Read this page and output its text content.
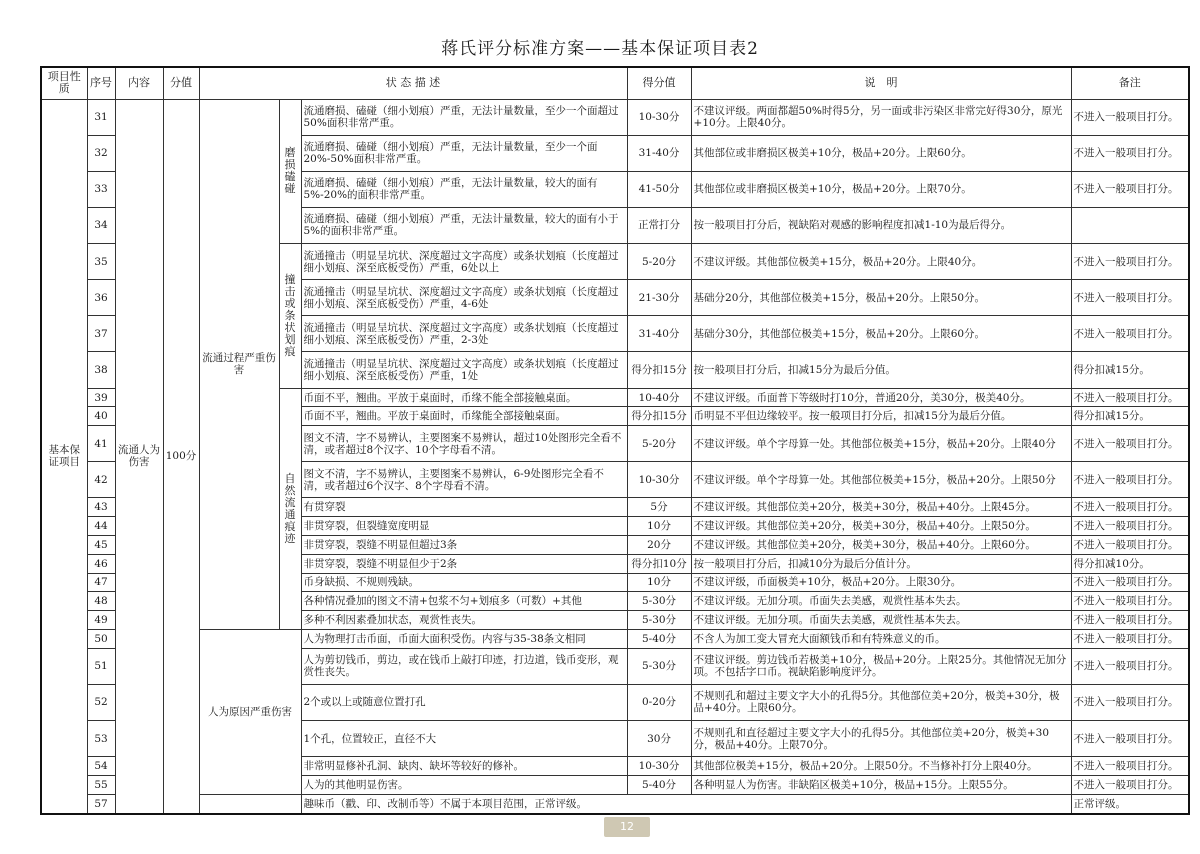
蒋氏评分标准方案——基本保证项目表2
项目性质	序号	内容	分值	状 态 描 述			得分值	说　明	备注
基本保证项目	31	流通人为伤害	100分	流通过程严重伤害	磨损磕碰	流通磨损、磕碰（细小划痕）严重，无法计量数量，至少一个面超过50%面积非常严重。	10-30分	不建议评级。两面都超50%时得5分，另一面或非污染区非常完好得30分，原光+10分。上限40分。	不进入一般项目打分。
	32					流通磨损、磕碰（细小划痕）严重，无法计量数量，至少一个面20%-50%面积非常严重。	31-40分	其他部位或非磨损区极美+10分，极品+20分。上限60分。	不进入一般项目打分。
	33					流通磨损、磕碰（细小划痕）严重，无法计量数量，较大的面有5%-20%的面积非常严重。	41-50分	其他部位或非磨损区极美+10分，极品+20分。上限70分。	不进入一般项目打分。
	34					流通磨损、磕碰（细小划痕）严重，无法计量数量，较大的面有小于5%的面积非常严重。	正常打分	按一般项目打分后，视缺陷对观感的影响程度扣减1-10为最后得分。	
	35				撞击或条状划痕	流通撞击（明显呈坑状、深度超过文字高度）或条状划痕（长度超过细小划痕、深至底板受伤）严重，6处以上	5-20分	不建议评级。其他部位极美+15分，极品+20分。上限40分。	不进入一般项目打分。
	36					流通撞击（明显呈坑状、深度超过文字高度）或条状划痕（长度超过细小划痕、深至底板受伤）严重，4-6处	21-30分	基础分20分，其他部位极美+15分，极品+20分。上限50分。	不进入一般项目打分。
	37					流通撞击（明显呈坑状、深度超过文字高度）或条状划痕（长度超过细小划痕、深至底板受伤）严重，2-3处	31-40分	基础分30分，其他部位极美+15分，极品+20分。上限60分。	不进入一般项目打分。
	38					流通撞击（明显呈坑状、深度超过文字高度）或条状划痕（长度超过细小划痕、深至底板受伤）严重，1处	得分扣15分	按一般项目打分后，扣减15分为最后分值。	得分扣减15分。
	39				自然流通痕迹	币面不平，翘曲。平放于桌面时，币缘不能全部接触桌面。	10-40分	不建议评级。币面普下等级时打10分，普通20分，美30分，极美40分。	不进入一般项目打分。
	40					币面不平，翘曲。平放于桌面时，币缘能全部接触桌面。	得分扣15分	币明显不平但边缘较平。按一般项目打分后，扣减15分为最后分值。	得分扣减15分。
	41					图文不清，字不易辨认，主要图案不易辨认，超过10处图形完全看不清，或者超过8个汉字、10个字母看不清。	5-20分	不建议评级。单个字母算一处。其他部位极美+15分，极品+20分。上限40分	不进入一般项目打分。
	42					图文不清，字不易辨认，主要图案不易辨认，6-9处图形完全看不清，或者超过6个汉字、8个字母看不清。	10-30分	不建议评级。单个字母算一处。其他部位极美+15分，极品+20分。上限50分	不进入一般项目打分。
	43					有贯穿裂	5分	不建议评级。其他部位美+20分，极美+30分，极品+40分。上限45分。	不进入一般项目打分。
	44					非贯穿裂，但裂缝宽度明显	10分	不建议评级。其他部位美+20分，极美+30分，极品+40分。上限50分。	不进入一般项目打分。
	45					非贯穿裂，裂缝不明显但超过3条	20分	不建议评级。其他部位美+20分，极美+30分，极品+40分。上限60分。	不进入一般项目打分。
	46					非贯穿裂，裂缝不明显但少于2条	得分扣10分	按一般项目打分后，扣减10分为最后分值计分。	得分扣减10分。
	47					币身缺损、不规则残缺。	10分	不建议评级，币面极美+10分，极品+20分。上限30分。	不进入一般项目打分。
	48					各种情况叠加的图文不清+包浆不匀+划痕多（可数）+其他	5-30分	不建议评级。无加分项。币面失去美感，观赏性基本失去。	不进入一般项目打分。
	49					多种不利因素叠加状态，观赏性丧失。	5-30分	不建议评级。无加分项。币面失去美感，观赏性基本失去。	不进入一般项目打分。
	50			人为原因严重伤害		人为物理打击币面，币面大面积受伤。内容与35-38条文相同	5-40分	不含人为加工变大冒充大面额钱币和有特殊意义的币。	不进入一般项目打分。
	51					人为剪切钱币，剪边，或在钱币上敲打印迹，打边道，钱币变形，观赏性丧失。	5-30分	不建议评级。剪边钱币若极美+10分，极品+20分。上限25分。其他情况无加分项。不包括字口币。视缺陷影响度评分。	不进入一般项目打分。
	52					2个或以上或随意位置打孔	0-20分	不规则孔和超过主要文字大小的孔得5分。其他部位美+20分，极美+30分，极品+40分。上限60分。	不进入一般项目打分。
	53					1个孔，位置较正，直径不大	30分	不规则孔和直径超过主要文字大小的孔得5分。其他部位美+20分，极美+30分，极品+40分。上限70分。	不进入一般项目打分。
	54					非常明显修补孔洞、缺肉、缺坏等较好的修补。	10-30分	其他部位极美+15分，极品+20分。上限50分。不当修补打分上限40分。	不进入一般项目打分。
	55					人为的其他明显伤害。	5-40分	各种明显人为伤害。非缺陷区极美+10分，极品+15分。上限55分。	不进入一般项目打分。
	57					趣味币（戳、印、改制币等）不属于本项目范围，正常评级。			正常评级。
12
